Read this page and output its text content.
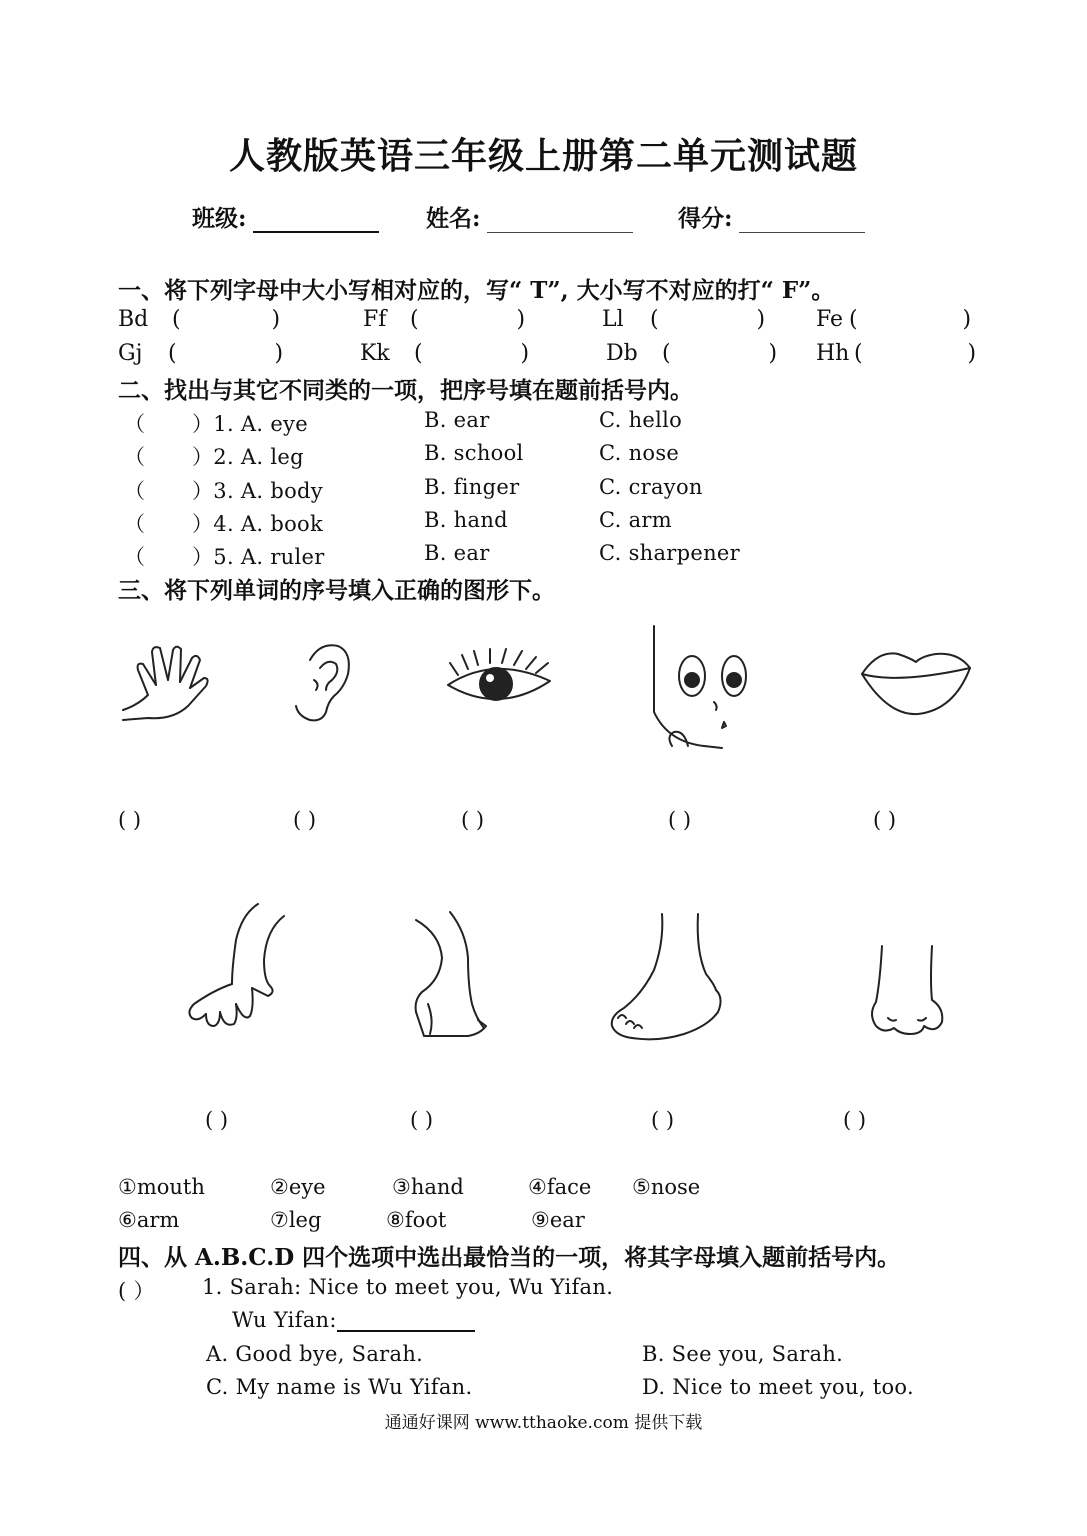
人教版英语三年级上册第二单元测试题
班级:	姓名:	得分:
一、将下列字母中大小写相对应的，写“ T”, 大小写不对应的打“ F”。
Bd (             )	Ff (              )	Ll (              ) Fe (               )
Gj (              )	Kk (              )	Db (              ) Hh (               )
二、找出与其它不同类的一项，把序号填在题前括号内。
（ ）1. A. eye	B. ear	C. hello
（ ）2. A. leg	B. school	C. nose
（ ）3. A. body	B. finger	C. crayon
（ ）4. A. book	B. hand	C. arm
（ ）5. A. ruler	B. ear	C. sharpener
三、将下列单词的序号填入正确的图形下。
( )	( )	( )	( )	( )
( )	( )	( )	( )
①mouth	②eye	③hand	④face ⑤nose
⑥arm	⑦leg	⑧foot	⑨ear
四、从 A.B.C.D 四个选项中选出最恰当的一项，将其字母填入题前括号内。
( ） 1. Sarah: Nice to meet you, Wu Yifan.
Wu Yifan:
A. Good bye, Sarah.	B. See you, Sarah.
C. My name is Wu Yifan.	D. Nice to meet you, too.
通通好课网 www.tthaoke.com 提供下载
